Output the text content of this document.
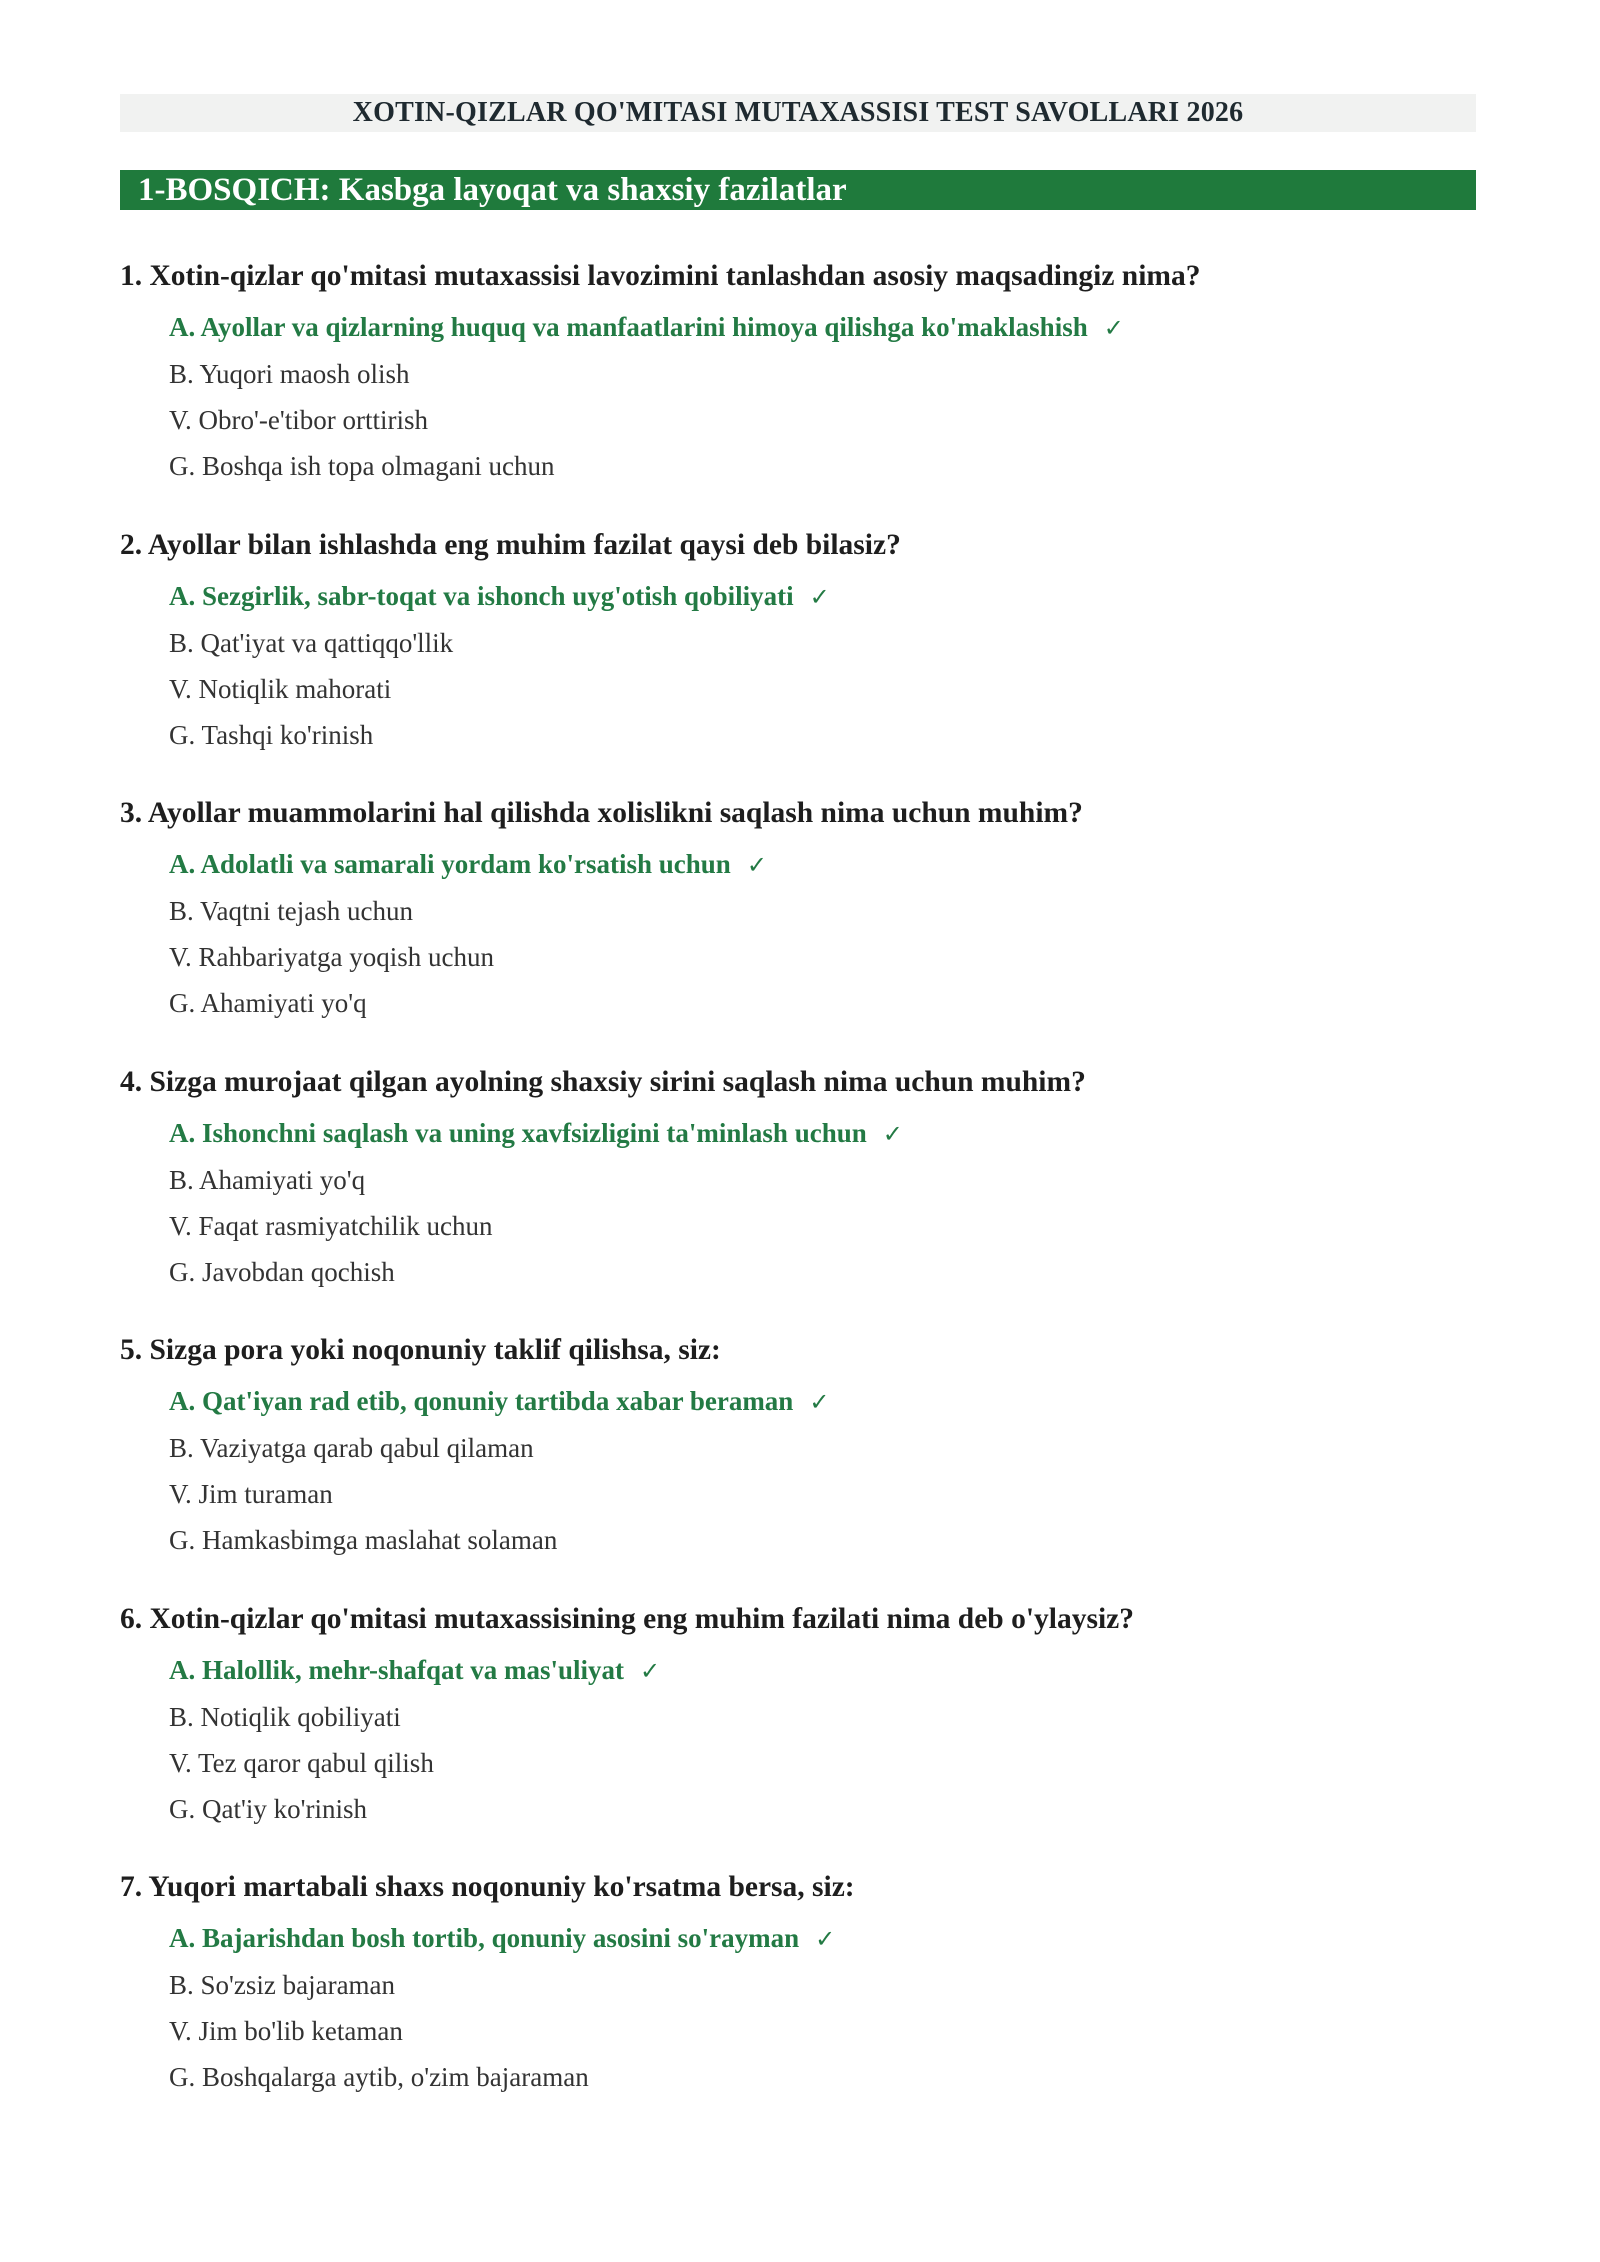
XOTIN-QIZLAR QO'MITASI MUTAXASSISI TEST SAVOLLARI 2026
1-BOSQICH: Kasbga layoqat va shaxsiy fazilatlar
1. Xotin-qizlar qo'mitasi mutaxassisi lavozimini tanlashdan asosiy maqsadingiz nima?
A. Ayollar va qizlarning huquq va manfaatlarini himoya qilishga ko'maklashish ✓
B. Yuqori maosh olish
V. Obro'-e'tibor orttirish
G. Boshqa ish topa olmagani uchun
2. Ayollar bilan ishlashda eng muhim fazilat qaysi deb bilasiz?
A. Sezgirlik, sabr-toqat va ishonch uyg'otish qobiliyati ✓
B. Qat'iyat va qattiqqo'llik
V. Notiqlik mahorati
G. Tashqi ko'rinish
3. Ayollar muammolarini hal qilishda xolislikni saqlash nima uchun muhim?
A. Adolatli va samarali yordam ko'rsatish uchun ✓
B. Vaqtni tejash uchun
V. Rahbariyatga yoqish uchun
G. Ahamiyati yo'q
4. Sizga murojaat qilgan ayolning shaxsiy sirini saqlash nima uchun muhim?
A. Ishonchni saqlash va uning xavfsizligini ta'minlash uchun ✓
B. Ahamiyati yo'q
V. Faqat rasmiyatchilik uchun
G. Javobdan qochish
5. Sizga pora yoki noqonuniy taklif qilishsa, siz:
A. Qat'iyan rad etib, qonuniy tartibda xabar beraman ✓
B. Vaziyatga qarab qabul qilaman
V. Jim turaman
G. Hamkasbimga maslahat solaman
6. Xotin-qizlar qo'mitasi mutaxassisining eng muhim fazilati nima deb o'ylaysiz?
A. Halollik, mehr-shafqat va mas'uliyat ✓
B. Notiqlik qobiliyati
V. Tez qaror qabul qilish
G. Qat'iy ko'rinish
7. Yuqori martabali shaxs noqonuniy ko'rsatma bersa, siz:
A. Bajarishdan bosh tortib, qonuniy asosini so'rayman ✓
B. So'zsiz bajaraman
V. Jim bo'lib ketaman
G. Boshqalarga aytib, o'zim bajaraman
